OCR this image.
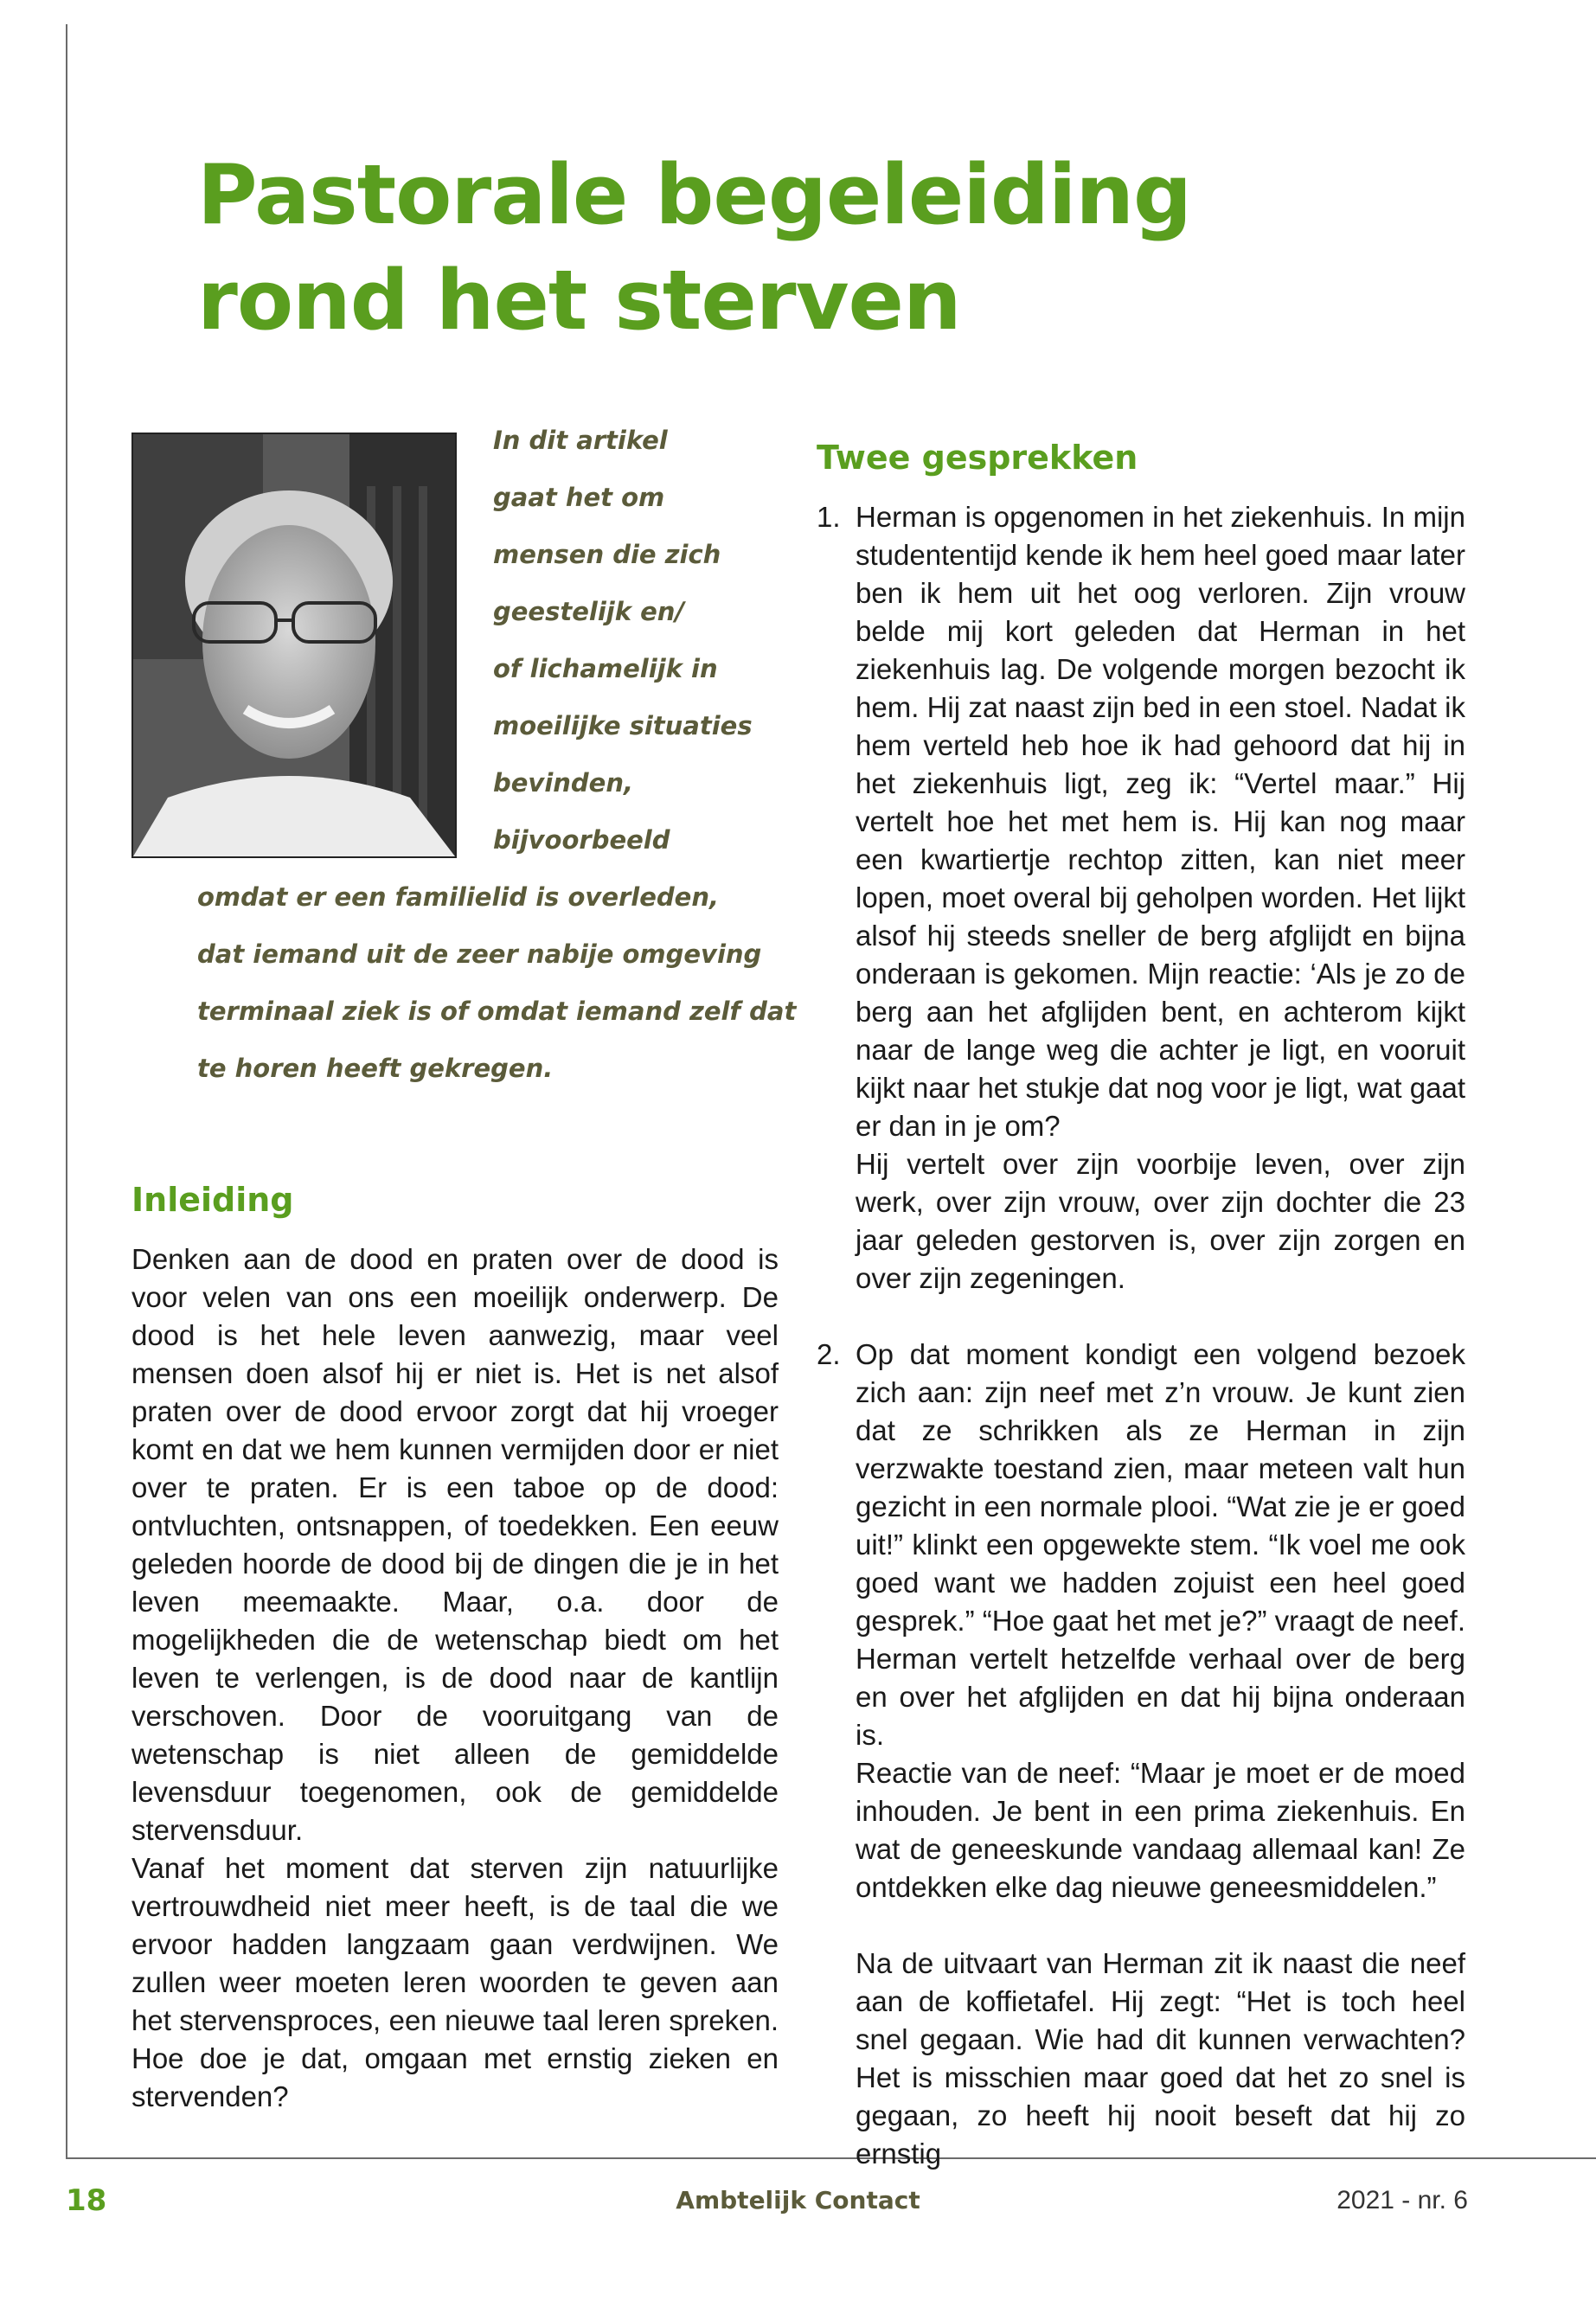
Pastorale begeleiding
rond het sterven
In dit artikel
gaat het om
mensen die zich
geestelijk en/
of lichamelijk in
moeilijke situaties
bevinden,
bijvoorbeeld
omdat er een familielid is overleden,
dat iemand uit de zeer nabije omgeving
terminaal ziek is of omdat iemand zelf dat
te horen heeft gekregen.
Inleiding

Denken aan de dood en praten over de dood is voor velen van ons een moeilijk onderwerp. De dood is het hele leven aanwezig, maar veel mensen doen alsof hij er niet is. Het is net alsof praten over de dood ervoor zorgt dat hij vroeger komt en dat we hem kunnen vermijden door er niet over te praten. Er is een taboe op de dood: ontvluchten, ontsnappen, of toedekken. Een eeuw geleden hoorde de dood bij de dingen die je in het leven meemaakte. Maar, o.a. door de mogelijkheden die de wetenschap biedt om het leven te verlengen, is de dood naar de kantlijn verschoven. Door de vooruitgang van de wetenschap is niet alleen de gemiddelde levensduur toegenomen, ook de gemiddelde stervensduur.

Vanaf het moment dat sterven zijn natuurlijke vertrouwdheid niet meer heeft, is de taal die we ervoor hadden langzaam gaan verdwijnen. We zullen weer moeten leren woorden te geven aan het stervensproces, een nieuwe taal leren spreken. Hoe doe je dat, omgaan met ernstig zieken en stervenden?

Twee gesprekken
1. Herman is opgenomen in het ziekenhuis. In mijn studententijd kende ik hem heel goed maar later ben ik hem uit het oog verloren. Zijn vrouw belde mij kort geleden dat Herman in het ziekenhuis lag. De volgende morgen bezocht ik hem. Hij zat naast zijn bed in een stoel. Nadat ik hem verteld heb hoe ik had gehoord dat hij in het ziekenhuis ligt, zeg ik: “Vertel maar.” Hij vertelt hoe het met hem is. Hij kan nog maar een kwartiertje rechtop zitten, kan niet meer lopen, moet overal bij geholpen worden. Het lijkt alsof hij steeds sneller de berg afglijdt en bijna onderaan is gekomen. Mijn reactie: ‘Als je zo de berg aan het afglijden bent, en achterom kijkt naar de lange weg die achter je ligt, en vooruit kijkt naar het stukje dat nog voor je ligt, wat gaat er dan in je om?

Hij vertelt over zijn voorbije leven, over zijn werk, over zijn vrouw, over zijn dochter die 23 jaar geleden gestorven is, over zijn zorgen en over zijn zegeningen.

2. Op dat moment kondigt een volgend bezoek zich aan: zijn neef met z’n vrouw. Je kunt zien dat ze schrikken als ze Herman in zijn verzwakte toestand zien, maar meteen valt hun gezicht in een normale plooi. “Wat zie je er goed uit!” klinkt een opgewekte stem. “Ik voel me ook goed want we hadden zojuist een heel goed gesprek.” “Hoe gaat het met je?” vraagt de neef. Herman vertelt hetzelfde verhaal over de berg en over het afglijden en dat hij bijna onderaan is.

Reactie van de neef: “Maar je moet er de moed inhouden. Je bent in een prima ziekenhuis. En wat de geneeskunde vandaag allemaal kan! Ze ontdekken elke dag nieuwe geneesmiddelen.”

Na de uitvaart van Herman zit ik naast die neef aan de koffietafel. Hij zegt: “Het is toch heel snel gegaan. Wie had dit kunnen verwachten? Het is misschien maar goed dat het zo snel is gegaan, zo heeft hij nooit beseft dat hij zo ernstig

18	Ambtelijk Contact	2021 - nr. 6
